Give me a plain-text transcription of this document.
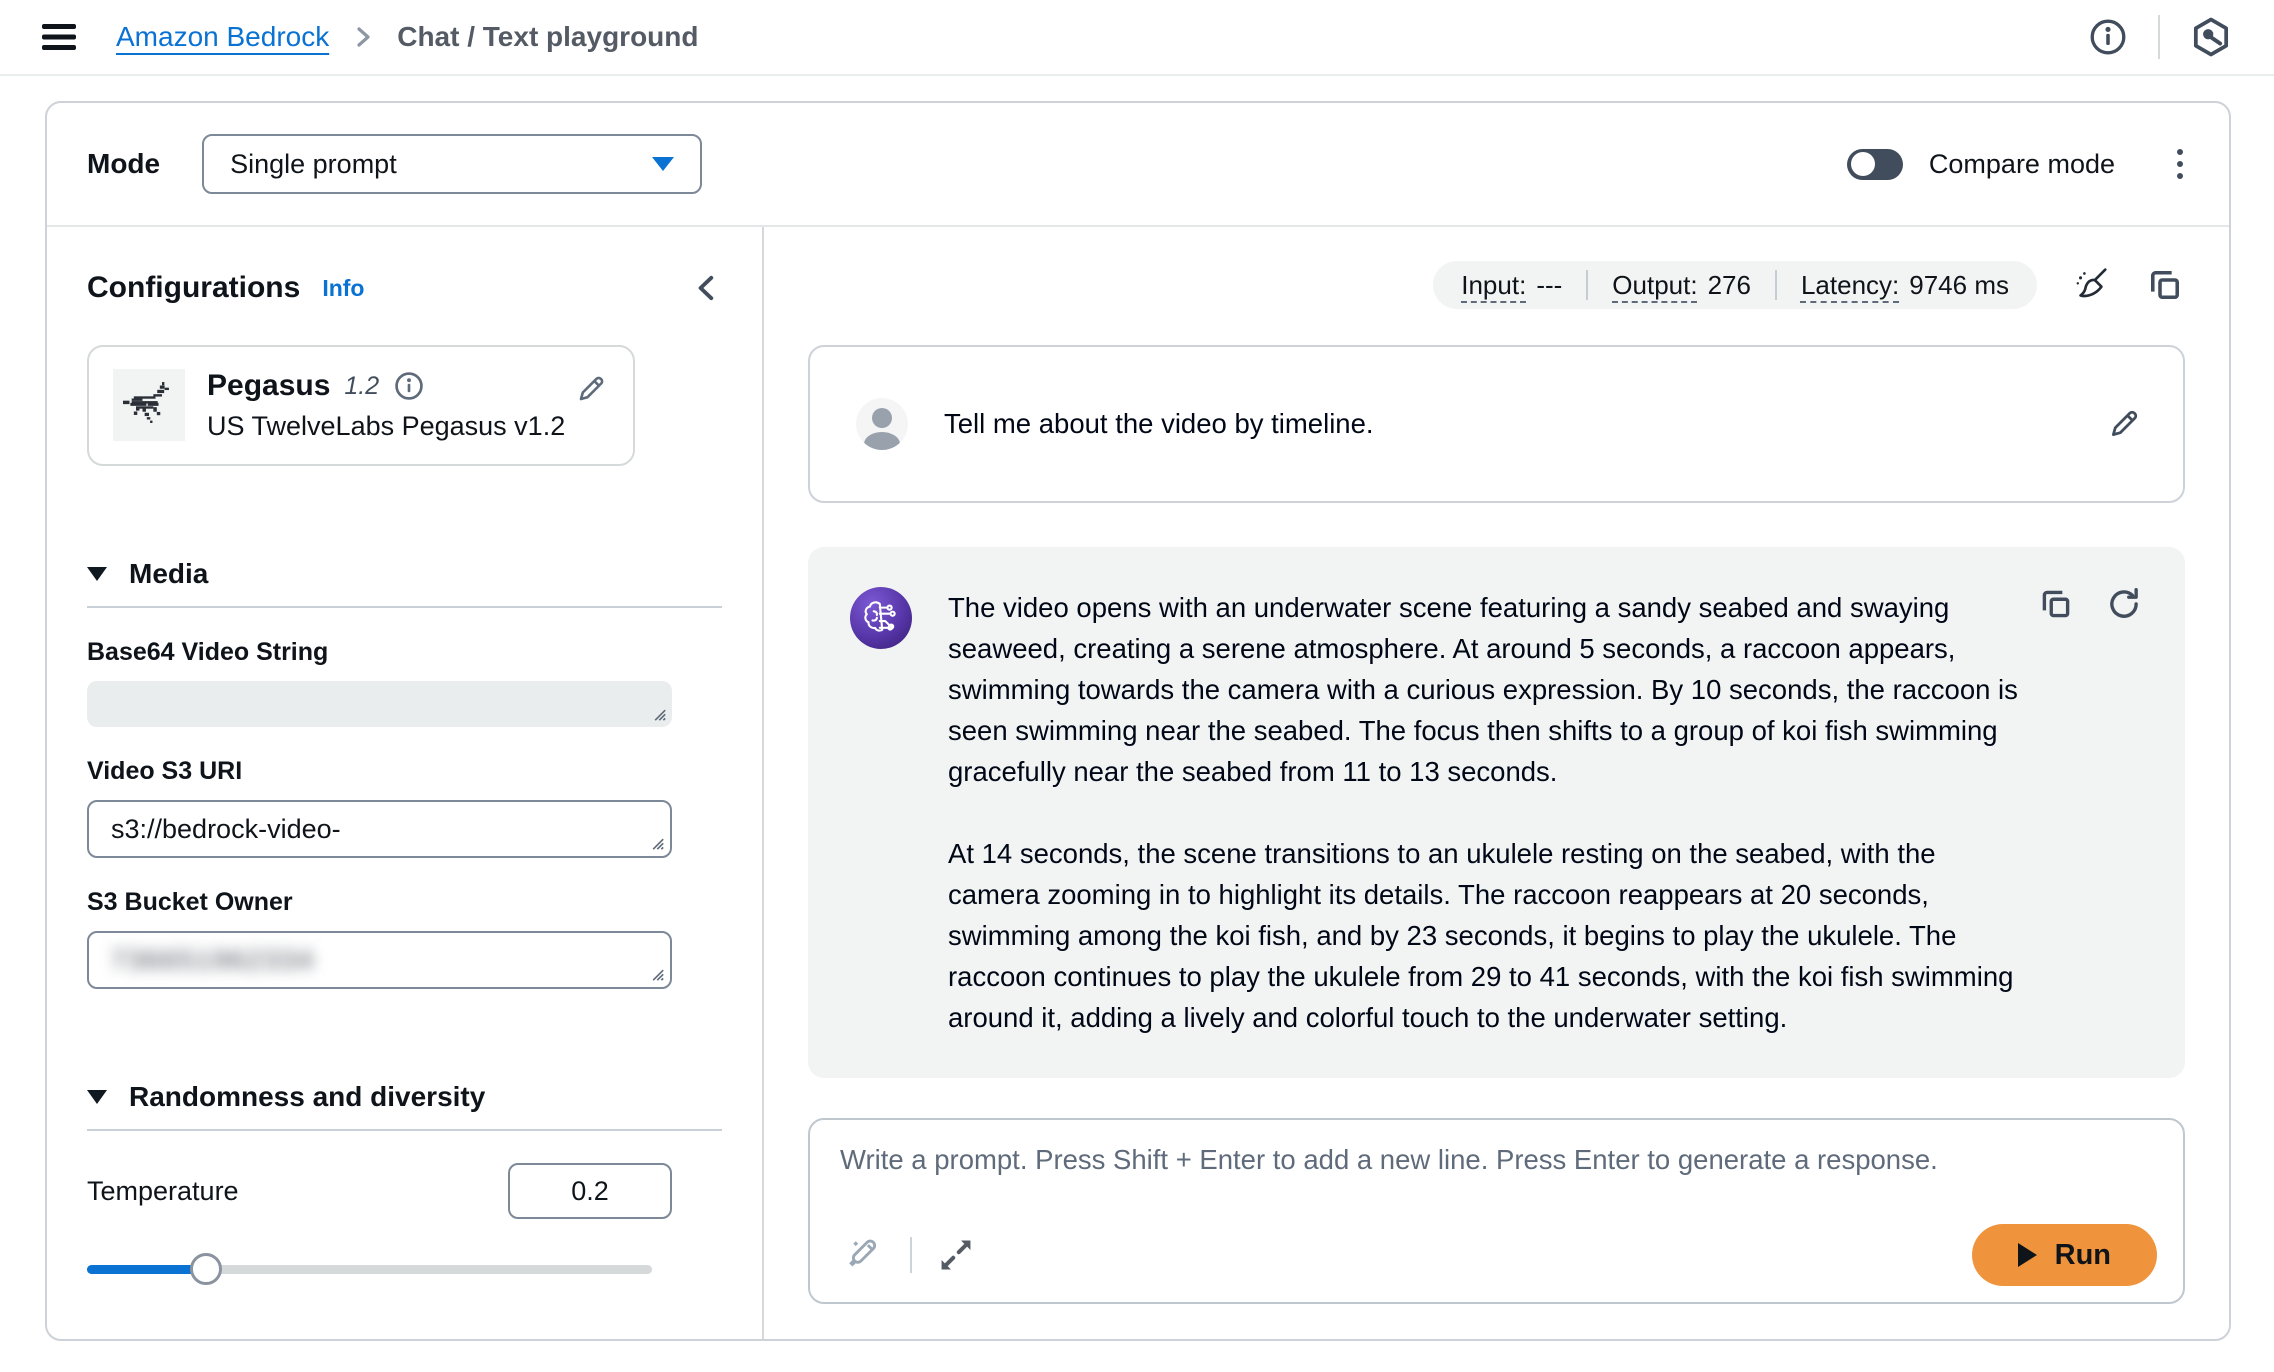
Amazon Bedrock Chat / Text playground
Mode	Single prompt	Compare mode
Configurations Info
Pegasus 1.2
US TwelveLabs Pegasus v1.2
Media
Base64 Video String
Video S3 URI
s3://bedrock-video-
S3 Bucket Owner
736651962334
Randomness and diversity
Temperature	0.2
Input: --- Output: 276 Latency: 9746 ms
Tell me about the video by timeline.

The video opens with an underwater scene featuring a sandy seabed and swaying seaweed, creating a serene atmosphere. At around 5 seconds, a raccoon appears, swimming towards the camera with a curious expression. By 10 seconds, the raccoon is seen swimming near the seabed. The focus then shifts to a group of koi fish swimming gracefully near the seabed from 11 to 13 seconds.

At 14 seconds, the scene transitions to an ukulele resting on the seabed, with the camera zooming in to highlight its details. The raccoon reappears at 20 seconds, swimming among the koi fish, and by 23 seconds, it begins to play the ukulele. The raccoon continues to play the ukulele from 29 to 41 seconds, with the koi fish swimming around it, adding a lively and colorful touch to the underwater setting.

Write a prompt. Press Shift + Enter to add a new line. Press Enter to generate a response.
Run
